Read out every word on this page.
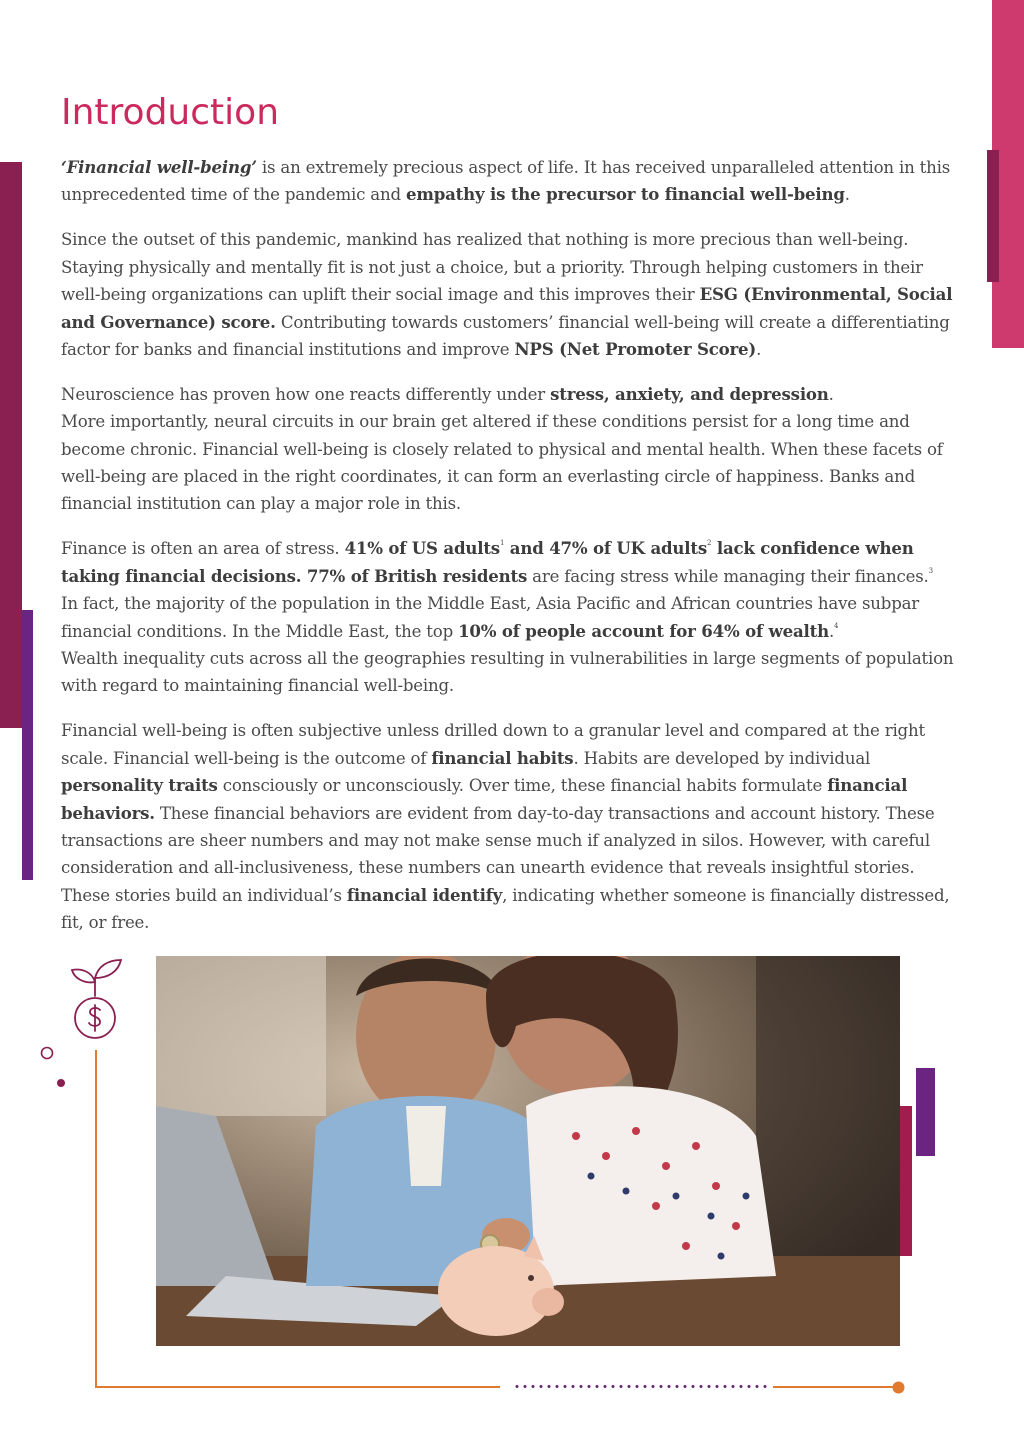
Introduction

‘Financial well-being’ is an extremely precious aspect of life. It has received unparalleled attention in this unprecedented time of the pandemic and empathy is the precursor to financial well-being.

Since the outset of this pandemic, mankind has realized that nothing is more precious than well-being. Staying physically and mentally fit is not just a choice, but a priority. Through helping customers in their well-being organizations can uplift their social image and this improves their ESG (Environmental, Social and Governance) score. Contributing towards customers’ financial well-being will create a differentiating factor for banks and financial institutions and improve NPS (Net Promoter Score).

Neuroscience has proven how one reacts differently under stress, anxiety, and depression.
More importantly, neural circuits in our brain get altered if these conditions persist for a long time and become chronic. Financial well-being is closely related to physical and mental health. When these facets of well-being are placed in the right coordinates, it can form an everlasting circle of happiness. Banks and financial institution can play a major role in this.

Finance is often an area of stress. 41% of US adults$^1$ and 47% of UK adults$^2$ lack confidence when taking financial decisions. 77% of British residents are facing stress while managing their finances.$^3$
In fact, the majority of the population in the Middle East, Asia Pacific and African countries have subpar financial conditions. In the Middle East, the top 10% of people account for 64% of wealth.$^4$
Wealth inequality cuts across all the geographies resulting in vulnerabilities in large segments of population with regard to maintaining financial well-being.

Financial well-being is often subjective unless drilled down to a granular level and compared at the right scale. Financial well-being is the outcome of financial habits. Habits are developed by individual personality traits consciously or unconsciously. Over time, these financial habits formulate financial behaviors. These financial behaviors are evident from day-to-day transactions and account history. These transactions are sheer numbers and may not make sense much if analyzed in silos. However, with careful consideration and all-inclusiveness, these numbers can unearth evidence that reveals insightful stories. These stories build an individual’s financial identify, indicating whether someone is financially distressed, fit, or free.
